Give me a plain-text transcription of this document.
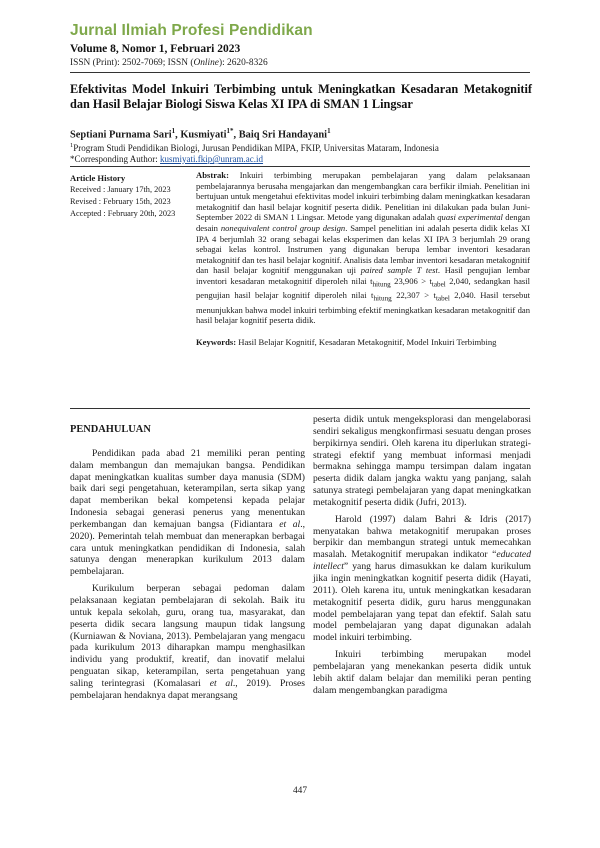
Jurnal Ilmiah Profesi Pendidikan
Volume 8, Nomor 1, Februari 2023
ISSN (Print): 2502-7069; ISSN (Online): 2620-8326
Efektivitas Model Inkuiri Terbimbing untuk Meningkatkan Kesadaran Metakognitif dan Hasil Belajar Biologi Siswa Kelas XI IPA di SMAN 1 Lingsar
Septiani Purnama Sari$^1$, Kusmiyati$^{1*}$, Baiq Sri Handayani$^1$
$^1$Program Studi Pendidikan Biologi, Jurusan Pendidikan MIPA, FKIP, Universitas Mataram, Indonesia
*Corresponding Author: kusmiyati.fkip@unram.ac.id
Article History
Received : January 17th, 2023
Revised : February 15th, 2023
Accepted : February 20th, 2023

Abstrak: Inkuiri terbimbing merupakan pembelajaran yang dalam pelaksanaan pembelajarannya berusaha mengajarkan dan mengembangkan cara berfikir ilmiah. Penelitian ini bertujuan untuk mengetahui efektivitas model inkuiri terbimbing dalam meningkatkan kesadaran metakognitif dan hasil belajar kognitif peserta didik. Penelitian ini dilakukan pada bulan Juni-September 2022 di SMAN 1 Lingsar. Metode yang digunakan adalah quasi experimental dengan desain nonequivalent control group design. Sampel penelitian ini adalah peserta didik kelas XI IPA 4 berjumlah 32 orang sebagai kelas eksperimen dan kelas XI IPA 3 berjumlah 29 orang sebagai kelas kontrol. Instrumen yang digunakan berupa lembar inventori kesadaran metakognitif dan tes hasil belajar kognitif. Analisis data lembar inventori kesadaran metakognitif dan hasil belajar kognitif menggunakan uji paired sample T test. Hasil pengujian lembar inventori kesadaran metakognitif diperoleh nilai $t_{hitung}$ $23,906 > t_{tabel}$ 2,040, sedangkan hasil pengujian hasil belajar kognitif diperoleh nilai $t_{hitung}$ $22,307 > t_{tabel}$ 2,040. Hasil tersebut menunjukkan bahwa model inkuiri terbimbing efektif meningkatkan kesadaran metakognitif dan hasil belajar kognitif peserta didik.

Keywords: Hasil Belajar Kognitif, Kesadaran Metakognitif, Model Inkuiri Terbimbing

PENDAHULUAN

Pendidikan pada abad 21 memiliki peran penting dalam membangun dan memajukan bangsa. Pendidikan dapat meningkatkan kualitas sumber daya manusia (SDM) baik dari segi pengetahuan, keterampilan, serta sikap yang dapat memberikan bekal kompetensi kepada pelajar Indonesia sebagai generasi penerus yang menentukan perkembangan dan kemajuan bangsa (Fidiantara et al., 2020). Pemerintah telah membuat dan menerapkan berbagai cara untuk meningkatkan pendidikan di Indonesia, salah satunya dengan menerapkan kurikulum 2013 dalam pembelajaran.

Kurikulum berperan sebagai pedoman dalam pelaksanaan kegiatan pembelajaran di sekolah. Baik itu untuk kepala sekolah, guru, orang tua, masyarakat, dan peserta didik secara langsung maupun tidak langsung (Kurniawan & Noviana, 2013). Pembelajaran yang mengacu pada kurikulum 2013 diharapkan mampu menghasilkan individu yang produktif, kreatif, dan inovatif melalui penguatan sikap, keterampilan, serta pengetahuan yang saling terintegrasi (Komalasari et al., 2019). Proses pembelajaran hendaknya dapat merangsang

peserta didik untuk mengeksplorasi dan mengelaborasi sendiri sekaligus mengkonfirmasi sesuatu dengan proses berpikirnya sendiri. Oleh karena itu diperlukan strategi-strategi efektif yang membuat informasi menjadi bermakna sehingga mampu tersimpan dalam ingatan peserta didik dalam jangka waktu yang panjang, salah satunya strategi pembelajaran yang dapat meningkatkan metakognitif peserta didik (Jufri, 2013).

Harold (1997) dalam Bahri & Idris (2017) menyatakan bahwa metakognitif merupakan proses berpikir dan membangun strategi untuk memecahkan masalah. Metakognitif merupakan indikator “educated intellect” yang harus dimasukkan ke dalam kurikulum jika ingin meningkatkan kognitif peserta didik (Hayati, 2011). Oleh karena itu, untuk meningkatkan kesadaran metakognitif peserta didik, guru harus menggunakan model pembelajaran yang tepat dan efektif. Salah satu model pembelajaran yang dapat digunakan adalah model inkuiri terbimbing.

Inkuiri terbimbing merupakan model pembelajaran yang menekankan peserta didik untuk lebih aktif dalam belajar dan memiliki peran penting dalam mengembangkan paradigma

447
